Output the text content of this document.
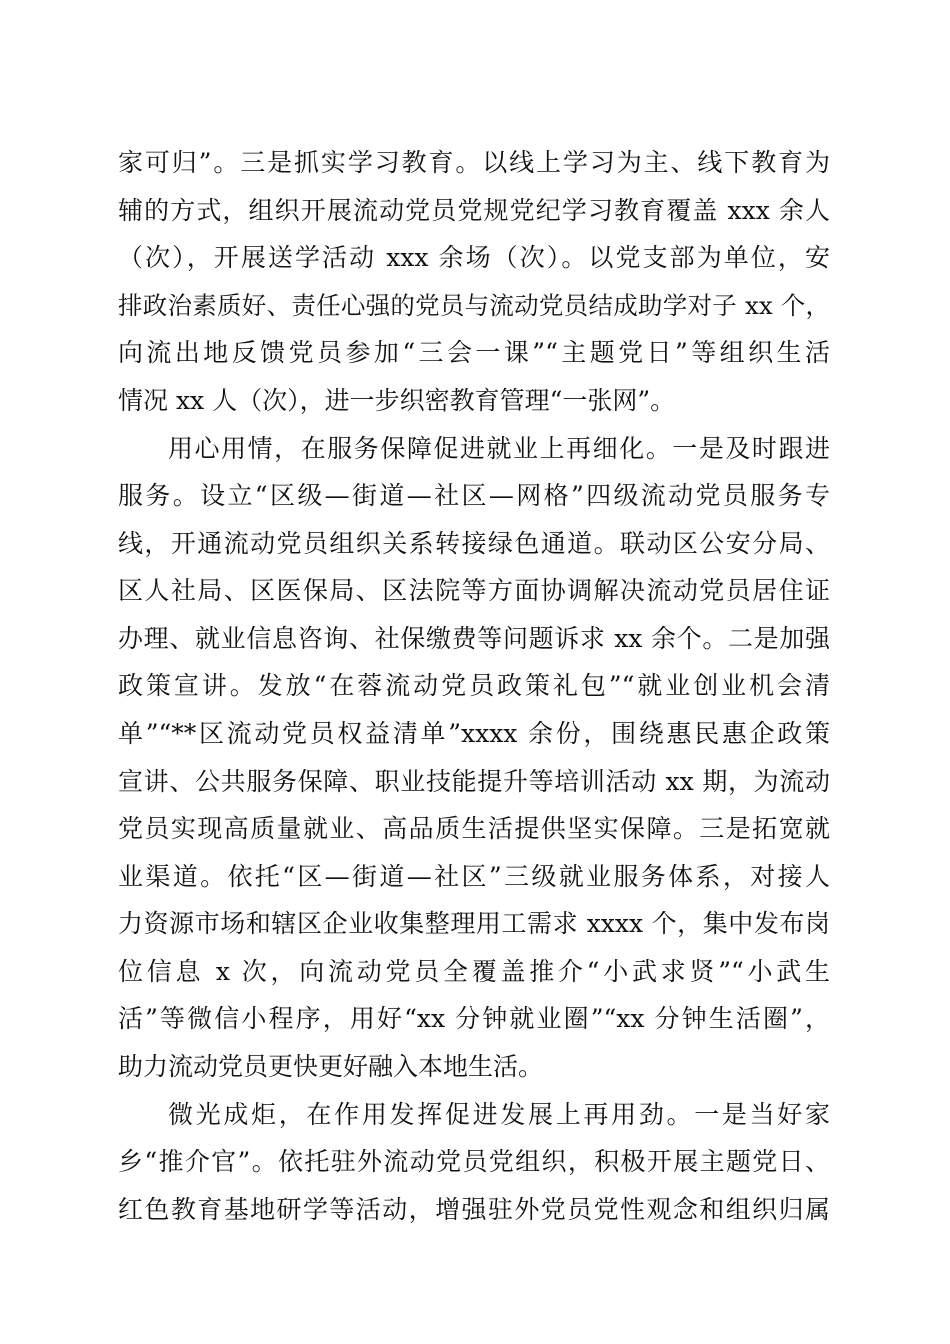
家可归”。三是抓实学习教育。以线上学习为主、线下教育为

辅的方式，组织开展流动党员党规党纪学习教育覆盖 xxx 余人

（次），开展送学活动 xxx 余场（次）。以党支部为单位，安

排政治素质好、责任心强的党员与流动党员结成助学对子 xx 个，

向流出地反馈党员参加“三会一课”“主题党日”等组织生活

情况 xx 人（次），进一步织密教育管理“一张网”。

用心用情，在服务保障促进就业上再细化。一是及时跟进

服务。设立“区级—街道—社区—网格”四级流动党员服务专

线，开通流动党员组织关系转接绿色通道。联动区公安分局、

区人社局、区医保局、区法院等方面协调解决流动党员居住证

办理、就业信息咨询、社保缴费等问题诉求 xx 余个。二是加强

政策宣讲。发放“在蓉流动党员政策礼包”“就业创业机会清

单”“**区流动党员权益清单”xxxx 余份，围绕惠民惠企政策

宣讲、公共服务保障、职业技能提升等培训活动 xx 期，为流动

党员实现高质量就业、高品质生活提供坚实保障。三是拓宽就

业渠道。依托“区—街道—社区”三级就业服务体系，对接人

力资源市场和辖区企业收集整理用工需求 xxxx 个，集中发布岗

位信息 x 次，向流动党员全覆盖推介“小武求贤”“小武生

活”等微信小程序，用好“xx 分钟就业圈”“xx 分钟生活圈”，

助力流动党员更快更好融入本地生活。

微光成炬，在作用发挥促进发展上再用劲。一是当好家

乡“推介官”。依托驻外流动党员党组织，积极开展主题党日、

红色教育基地研学等活动，增强驻外党员党性观念和组织归属
